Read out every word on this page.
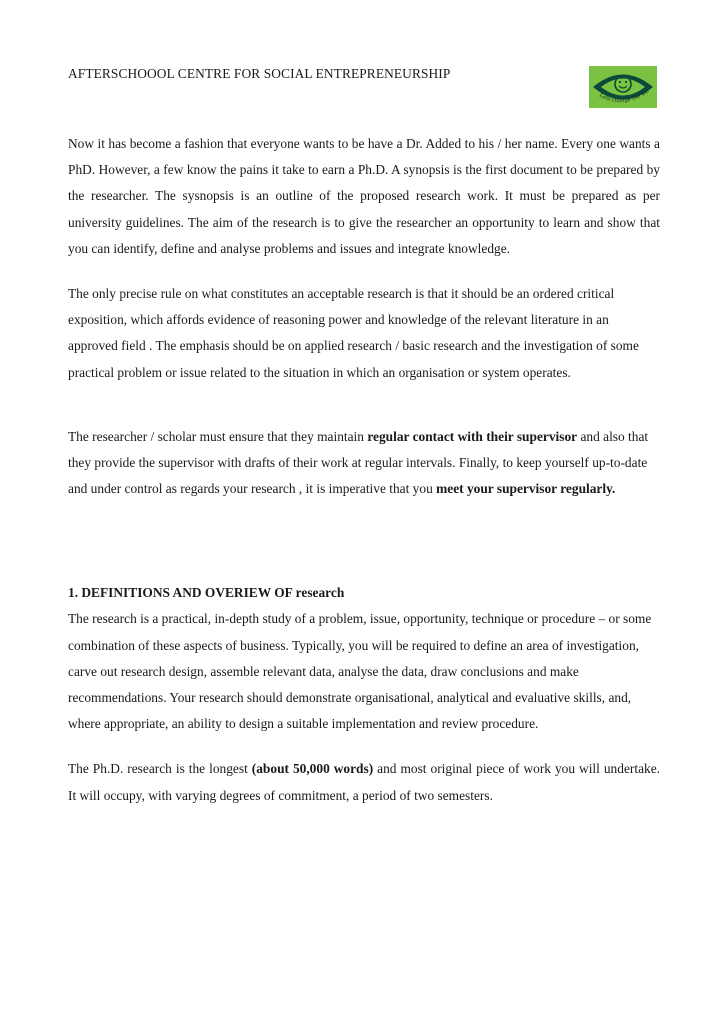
AFTERSCHOOOL CENTRE FOR SOCIAL ENTREPRENEURSHIP
Lets change the wo

Now it has become a fashion that everyone wants to be have a Dr. Added to his / her name. Every one wants a PhD. However, a few know the pains it take to earn a Ph.D. A synopsis is the first document to be prepared by the researcher. The sysnopsis is an outline of the proposed research work. It must be prepared as per university guidelines. The aim of the research is to give the researcher an opportunity to learn and show that you can identify, define and analyse problems and issues and integrate knowledge.

The only precise rule on what constitutes an acceptable research is that it should be an ordered critical exposition, which affords evidence of reasoning power and knowledge of the relevant literature in an approved field . The emphasis should be on applied research / basic research and the investigation of some practical problem or issue related to the situation in which an organisation or system operates.

The researcher / scholar must ensure that they maintain regular contact with their supervisor and also that they provide the supervisor with drafts of their work at regular intervals. Finally, to keep yourself up-to-date and under control as regards your research , it is imperative that you meet your supervisor regularly.

1. DEFINITIONS AND OVERIEW OF research

The research is a practical, in-depth study of a problem, issue, opportunity, technique or procedure – or some combination of these aspects of business. Typically, you will be required to define an area of investigation, carve out research design, assemble relevant data, analyse the data, draw conclusions and make recommendations. Your research should demonstrate organisational, analytical and evaluative skills, and, where appropriate, an ability to design a suitable implementation and review procedure.

The Ph.D. research is the longest (about 50,000 words) and most original piece of work you will undertake. It will occupy, with varying degrees of commitment, a period of two semesters.
